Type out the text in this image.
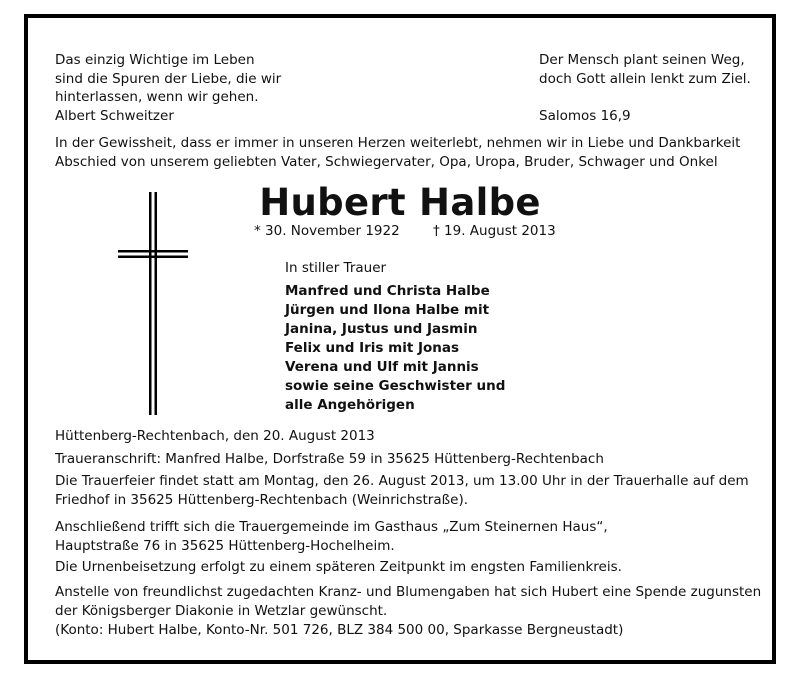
Das einzig Wichtige im Leben
sind die Spuren der Liebe, die wir
hinterlassen, wenn wir gehen.
Albert Schweitzer
Der Mensch plant seinen Weg,
doch Gott allein lenkt zum Ziel.

Salomos 16,9
In der Gewissheit, dass er immer in unseren Herzen weiterlebt, nehmen wir in Liebe und Dankbarkeit
Abschied von unserem geliebten Vater, Schwiegervater, Opa, Uropa, Bruder, Schwager und Onkel
Hubert Halbe
* 30. November 1922 † 19. August 2013
In stiller Trauer
Manfred und Christa Halbe
Jürgen und Ilona Halbe mit
Janina, Justus und Jasmin
Felix und Iris mit Jonas
Verena und Ulf mit Jannis
sowie seine Geschwister und
alle Angehörigen
Hüttenberg-Rechtenbach, den 20. August 2013
Traueranschrift: Manfred Halbe, Dorfstraße 59 in 35625 Hüttenberg-Rechtenbach
Die Trauerfeier findet statt am Montag, den 26. August 2013, um 13.00 Uhr in der Trauerhalle auf dem
Friedhof in 35625 Hüttenberg-Rechtenbach (Weinrichstraße).
Anschließend trifft sich die Trauergemeinde im Gasthaus „Zum Steinernen Haus“,
Hauptstraße 76 in 35625 Hüttenberg-Hochelheim.
Die Urnenbeisetzung erfolgt zu einem späteren Zeitpunkt im engsten Familienkreis.
Anstelle von freundlichst zugedachten Kranz- und Blumengaben hat sich Hubert eine Spende zugunsten
der Königsberger Diakonie in Wetzlar gewünscht.
(Konto: Hubert Halbe, Konto-Nr. 501 726, BLZ 384 500 00, Sparkasse Bergneustadt)
